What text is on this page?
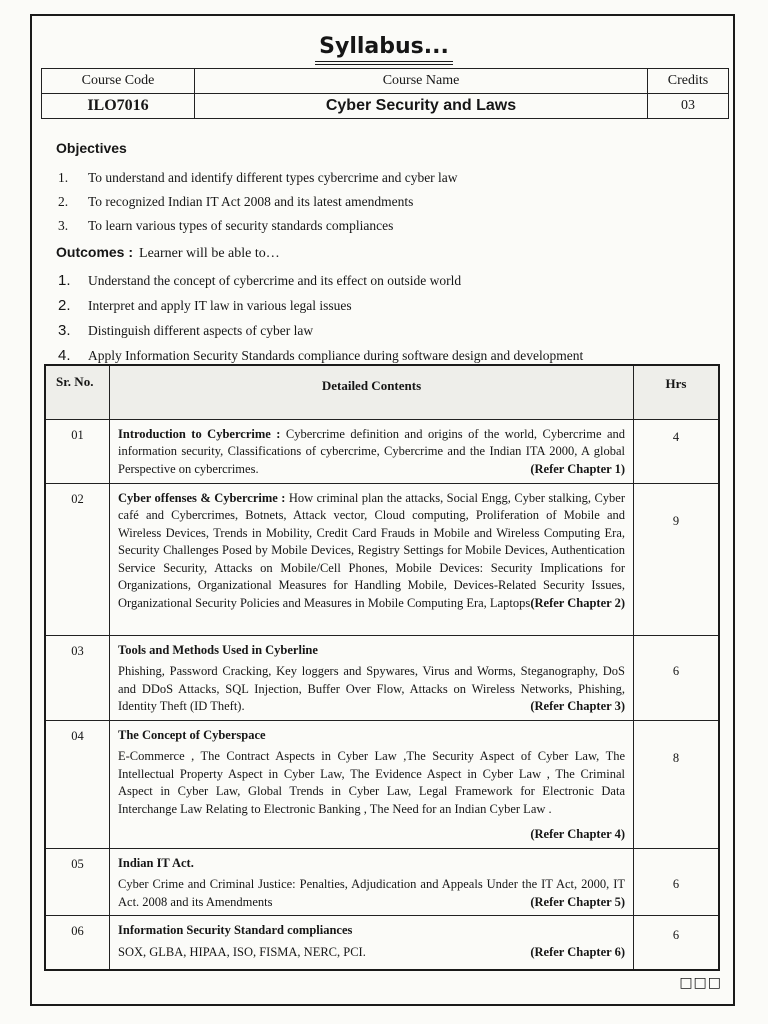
Syllabus...
Course Code	Course Name	Credits
ILO7016	Cyber Security and Laws	03
Objectives
1. To understand and identify different types cybercrime and cyber law
2. To recognized Indian IT Act 2008 and its latest amendments
3. To learn various types of security standards compliances
Outcomes : Learner will be able to…
1. Understand the concept of cybercrime and its effect on outside world
2. Interpret and apply IT law in various legal issues
3. Distinguish different aspects of cyber law
4. Apply Information Security Standards compliance during software design and development
Sr. No.	Detailed Contents	Hrs
01	Introduction to Cybercrime : Cybercrime definition and origins of the world, Cybercrime and information security, Classifications of cybercrime, Cybercrime and the Indian ITA 2000, A global Perspective on cybercrimes. (Refer Chapter 1)	4
02	Cyber offenses & Cybercrime : How criminal plan the attacks, Social Engg, Cyber stalking, Cyber café and Cybercrimes, Botnets, Attack vector, Cloud computing, Proliferation of Mobile and Wireless Devices, Trends in Mobility, Credit Card Frauds in Mobile and Wireless Computing Era, Security Challenges Posed by Mobile Devices, Registry Settings for Mobile Devices, Authentication Service Security, Attacks on Mobile/Cell Phones, Mobile Devices: Security Implications for Organizations, Organizational Measures for Handling Mobile, Devices-Related Security Issues, Organizational Security Policies and Measures in Mobile Computing Era, Laptops (Refer Chapter 2)	9
03	Tools and Methods Used in Cyberline
Phishing, Password Cracking, Key loggers and Spywares, Virus and Worms, Steganography, DoS and DDoS Attacks, SQL Injection, Buffer Over Flow, Attacks on Wireless Networks, Phishing, Identity Theft (ID Theft). (Refer Chapter 3)	6
04	The Concept of Cyberspace
E-Commerce , The Contract Aspects in Cyber Law ,The Security Aspect of Cyber Law, The Intellectual Property Aspect in Cyber Law, The Evidence Aspect in Cyber Law , The Criminal Aspect in Cyber Law, Global Trends in Cyber Law, Legal Framework for Electronic Data Interchange Law Relating to Electronic Banking , The Need for an Indian Cyber Law .
(Refer Chapter 4)	8
05	Indian IT Act.
Cyber Crime and Criminal Justice: Penalties, Adjudication and Appeals Under the IT Act, 2000, IT Act. 2008 and its Amendments (Refer Chapter 5)	6
06	Information Security Standard compliances
SOX, GLBA, HIPAA, ISO, FISMA, NERC, PCI. (Refer Chapter 6)	6
□□□
